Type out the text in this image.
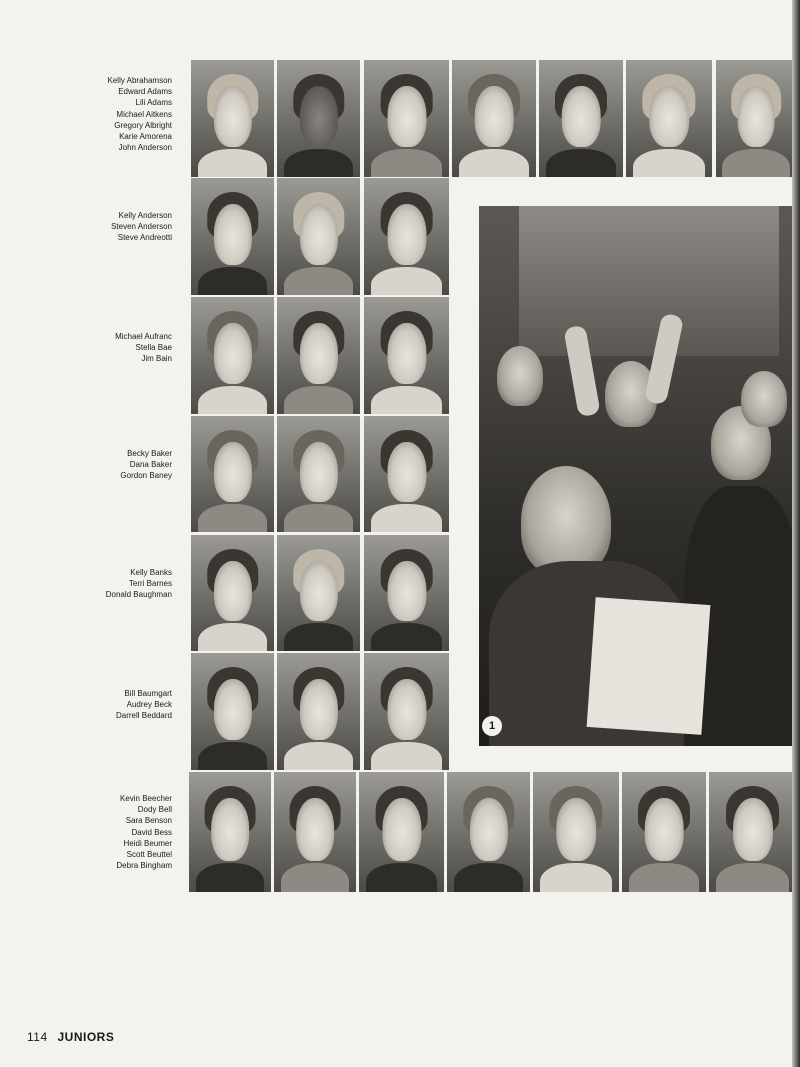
Kelly Abrahamson
Edward Adams
Lili Adams
Michael Aitkens
Gregory Albright
Karie Amorena
John Anderson
Kelly Anderson
Steven Anderson
Steve Andreotti
Michael Aufranc
Stella Bae
Jim Bain
Becky Baker
Dana Baker
Gordon Baney
Kelly Banks
Terri Barnes
Donald Baughman
Bill Baumgart
Audrey Beck
Darrell Beddard
Kevin Beecher
Dody Bell
Sara Benson
David Bess
Heidi Beumer
Scott Beuttel
Debra Bingham
1
114 JUNIORS
